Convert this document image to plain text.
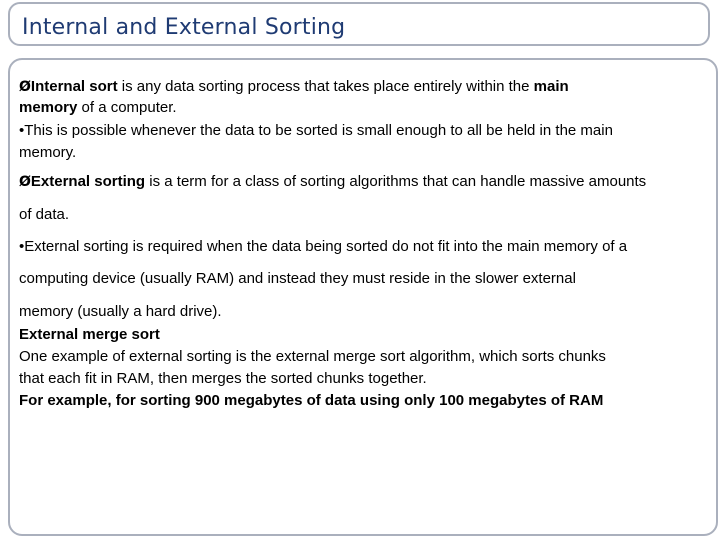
Internal and External Sorting
ØInternal sort is any data sorting process that takes place entirely within the main
memory of a computer.
•This is possible whenever the data to be sorted is small enough to all be held in the main
memory.
ØExternal sorting is a term for a class of sorting algorithms that can handle massive amounts
of data.
•External sorting is required when the data being sorted do not fit into the main memory of a
computing device (usually RAM) and instead they must reside in the slower external
memory (usually a hard drive).
External merge sort
One example of external sorting is the external merge sort algorithm, which sorts chunks
that each fit in RAM, then merges the sorted chunks together.
For example, for sorting 900 megabytes of data using only 100 megabytes of RAM
